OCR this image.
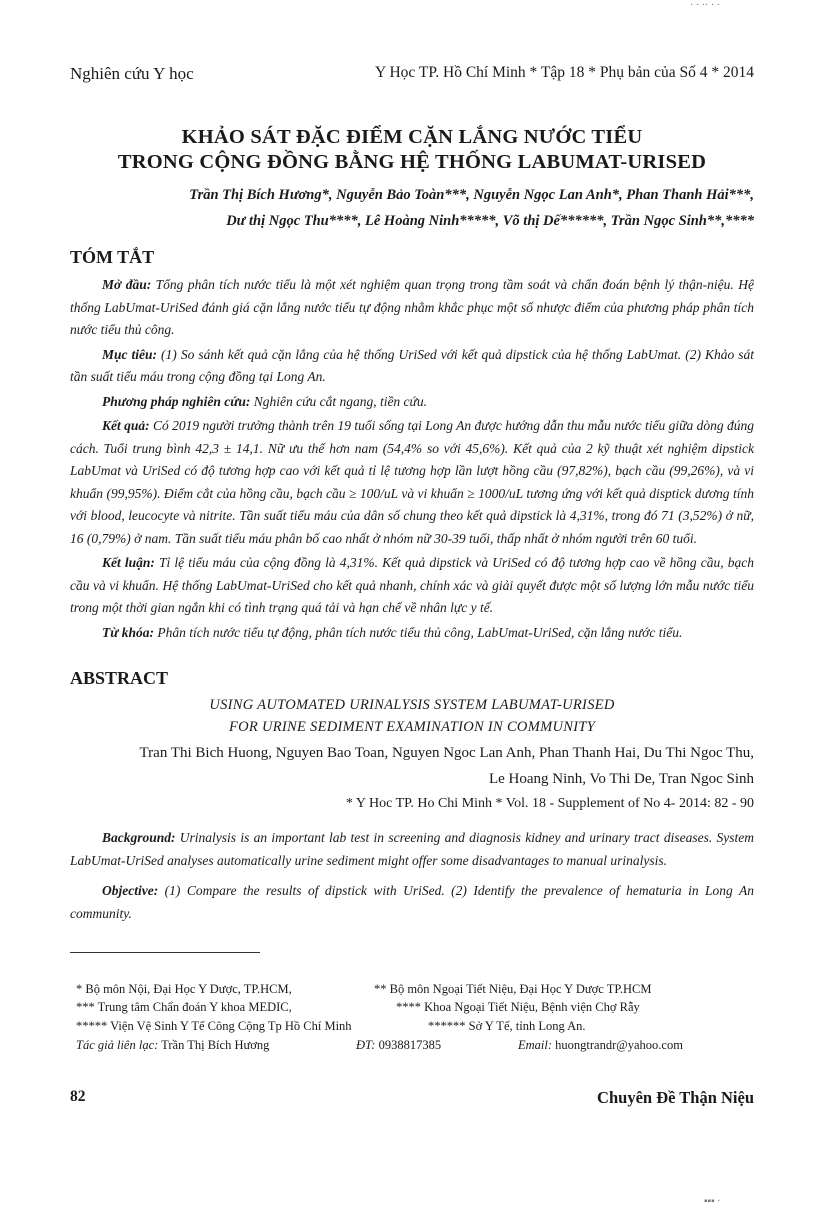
· · ·· · ·
Nghiên cứu Y học	Y Học TP. Hồ Chí Minh * Tập 18 * Phụ bản của Số 4 * 2014
KHẢO SÁT ĐẶC ĐIỂM CẶN LẮNG NƯỚC TIỂU
TRONG CỘNG ĐỒNG BẰNG HỆ THỐNG LABUMAT-URISED
Trần Thị Bích Hương*, Nguyễn Bảo Toàn***, Nguyễn Ngọc Lan Anh*, Phan Thanh Hải***,
Dư thị Ngọc Thu****, Lê Hoàng Ninh*****, Võ thị Dế******, Trần Ngọc Sinh**,****
TÓM TẮT

Mở đầu: Tổng phân tích nước tiểu là một xét nghiệm quan trọng trong tầm soát và chẩn đoán bệnh lý thận-niệu. Hệ thống LabUmat-UriSed đánh giá cặn lắng nước tiểu tự động nhằm khắc phục một số nhược điểm của phương pháp phân tích nước tiểu thủ công.

Mục tiêu: (1) So sánh kết quả cặn lắng của hệ thống UriSed với kết quả dipstick của hệ thống LabUmat. (2) Khảo sát tần suất tiểu máu trong cộng đồng tại Long An.

Phương pháp nghiên cứu: Nghiên cứu cắt ngang, tiền cứu.

Kết quả: Có 2019 người trưởng thành trên 19 tuổi sống tại Long An được hướng dẫn thu mẫu nước tiểu giữa dòng đúng cách. Tuổi trung bình 42,3 ± 14,1. Nữ ưu thế hơn nam (54,4% so với 45,6%). Kết quả của 2 kỹ thuật xét nghiệm dipstick LabUmat và UriSed có độ tương hợp cao với kết quả tỉ lệ tương hợp lần lượt hồng cầu (97,82%), bạch cầu (99,26%), và vi khuẩn (99,95%). Điểm cắt của hồng cầu, bạch cầu ≥ 100/uL và vi khuẩn ≥ 1000/uL tương ứng với kết quả disptick dương tính với blood, leucocyte và nitrite. Tần suất tiểu máu của dân số chung theo kết quả dipstick là 4,31%, trong đó 71 (3,52%) ở nữ, 16 (0,79%) ở nam. Tần suất tiểu máu phân bố cao nhất ở nhóm nữ 30-39 tuổi, thấp nhất ở nhóm người trên 60 tuổi.

Kết luận: Tỉ lệ tiểu máu của cộng đồng là 4,31%. Kết quả dipstick và UriSed có độ tương hợp cao về hồng cầu, bạch cầu và vi khuẩn. Hệ thống LabUmat-UriSed cho kết quả nhanh, chính xác và giải quyết được một số lượng lớn mẫu nước tiểu trong một thời gian ngắn khi có tình trạng quá tải và hạn chế về nhân lực y tế.

Từ khóa: Phân tích nước tiểu tự động, phân tích nước tiểu thủ công, LabUmat-UriSed, cặn lắng nước tiểu.

ABSTRACT
USING AUTOMATED URINALYSIS SYSTEM LABUMAT-URISED
FOR URINE SEDIMENT EXAMINATION IN COMMUNITY
Tran Thi Bich Huong, Nguyen Bao Toan, Nguyen Ngoc Lan Anh, Phan Thanh Hai, Du Thi Ngoc Thu,
Le Hoang Ninh, Vo Thi De, Tran Ngoc Sinh
* Y Hoc TP. Ho Chi Minh * Vol. 18 - Supplement of No 4- 2014: 82 - 90

Background: Urinalysis is an important lab test in screening and diagnosis kidney and urinary tract diseases. System LabUmat-UriSed analyses automatically urine sediment might offer some disadvantages to manual urinalysis.

Objective: (1) Compare the results of dipstick with UriSed. (2) Identify the prevalence of hematuria in Long An community.

* Bộ môn Nội, Đại Học Y Dược, TP.HCM,	** Bộ môn Ngoại Tiết Niệu, Đại Học Y Dược TP.HCM
*** Trung tâm Chẩn đoán Y khoa MEDIC,	**** Khoa Ngoại Tiết Niệu, Bệnh viện Chợ Rẫy
***** Viện Vệ Sinh Y Tế Công Cộng Tp Hồ Chí Minh	****** Sở Y Tế, tỉnh Long An.
Tác giả liên lạc: Trần Thị Bích Hương	ĐT: 0938817385	Email: huongtrandr@yahoo.com
82	Chuyên Đề Thận Niệu
▪▪▪ ·
